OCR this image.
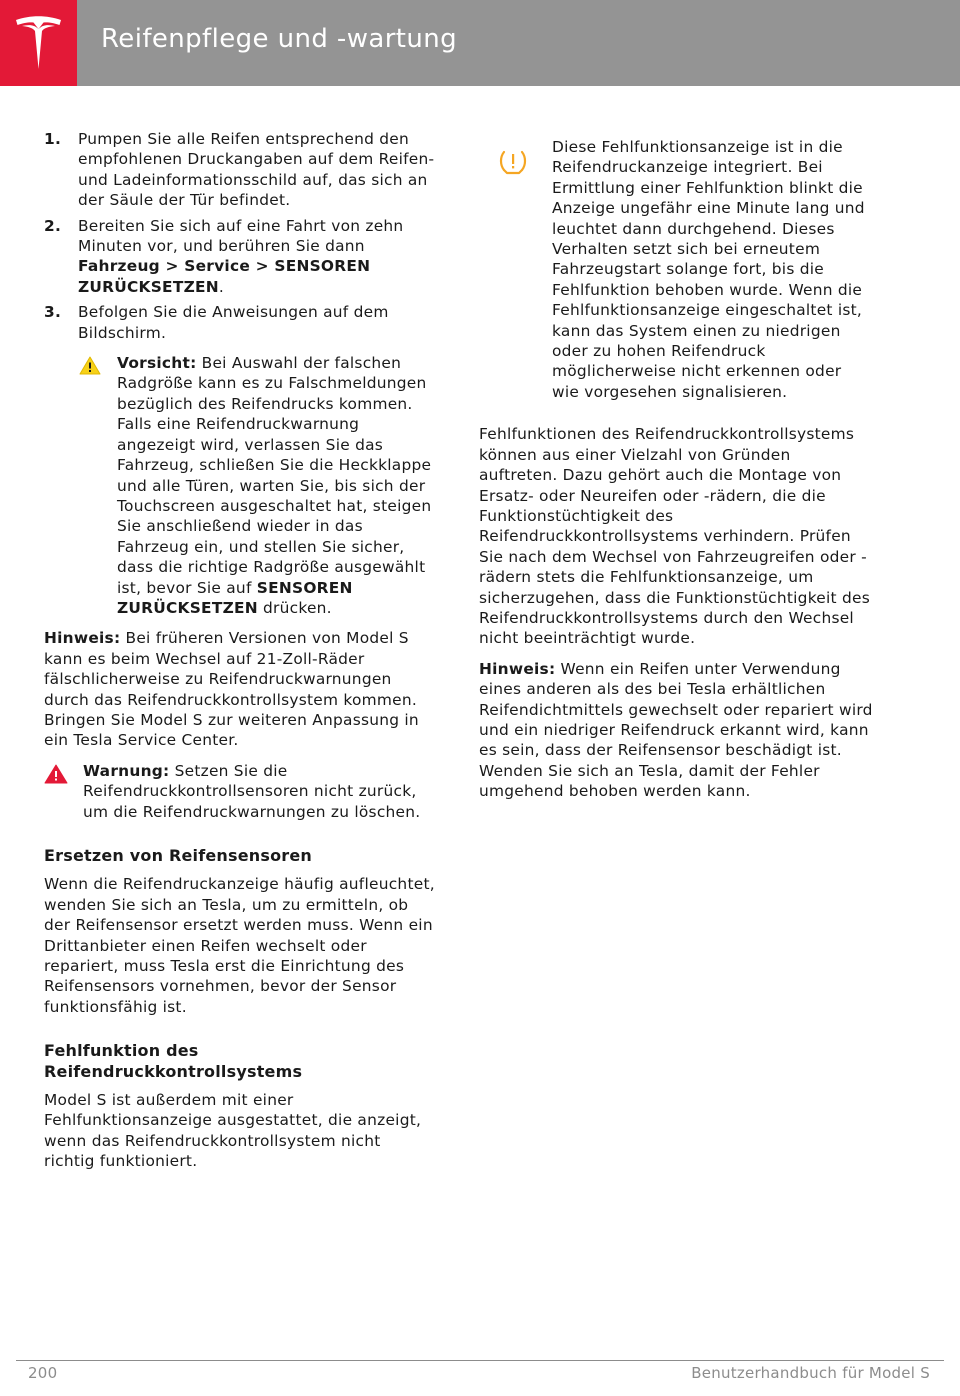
Reifenpflege und -wartung
1. Pumpen Sie alle Reifen entsprechend den empfohlenen Druckangaben auf dem Reifen- und Ladeinformationsschild auf, das sich an der Säule der Tür befindet.
2. Bereiten Sie sich auf eine Fahrt von zehn Minuten vor, und berühren Sie dann Fahrzeug > Service > SENSOREN ZURÜCKSETZEN.
3. Befolgen Sie die Anweisungen auf dem Bildschirm.

Vorsicht: Bei Auswahl der falschen Radgröße kann es zu Falschmeldungen bezüglich des Reifendrucks kommen. Falls eine Reifendruckwarnung angezeigt wird, verlassen Sie das Fahrzeug, schließen Sie die Heckklappe und alle Türen, warten Sie, bis sich der Touchscreen ausgeschaltet hat, steigen Sie anschließend wieder in das Fahrzeug ein, und stellen Sie sicher, dass die richtige Radgröße ausgewählt ist, bevor Sie auf SENSOREN ZURÜCKSETZEN drücken.

Hinweis: Bei früheren Versionen von Model S kann es beim Wechsel auf 21-Zoll-Räder fälschlicherweise zu Reifendruckwarnungen durch das Reifendruckkontrollsystem kommen. Bringen Sie Model S zur weiteren Anpassung in ein Tesla Service Center.

Warnung: Setzen Sie die Reifendruckkontrollsensoren nicht zurück, um die Reifendruckwarnungen zu löschen.

Ersetzen von Reifensensoren

Wenn die Reifendruckanzeige häufig aufleuchtet, wenden Sie sich an Tesla, um zu ermitteln, ob der Reifensensor ersetzt werden muss. Wenn ein Drittanbieter einen Reifen wechselt oder repariert, muss Tesla erst die Einrichtung des Reifensensors vornehmen, bevor der Sensor funktionsfähig ist.

Fehlfunktion des Reifendruckkontrollsystems

Model S ist außerdem mit einer Fehlfunktionsanzeige ausgestattet, die anzeigt, wenn das Reifendruckkontrollsystem nicht richtig funktioniert.

Diese Fehlfunktionsanzeige ist in die Reifendruckanzeige integriert. Bei Ermittlung einer Fehlfunktion blinkt die Anzeige ungefähr eine Minute lang und leuchtet dann durchgehend. Dieses Verhalten setzt sich bei erneutem Fahrzeugstart solange fort, bis die Fehlfunktion behoben wurde. Wenn die Fehlfunktionsanzeige eingeschaltet ist, kann das System einen zu niedrigen oder zu hohen Reifendruck möglicherweise nicht erkennen oder wie vorgesehen signalisieren.

Fehlfunktionen des Reifendruckkontrollsystems können aus einer Vielzahl von Gründen auftreten. Dazu gehört auch die Montage von Ersatz- oder Neureifen oder -rädern, die die Funktionstüchtigkeit des Reifendruckkontrollsystems verhindern. Prüfen Sie nach dem Wechsel von Fahrzeugreifen oder -rädern stets die Fehlfunktionsanzeige, um sicherzugehen, dass die Funktionstüchtigkeit des Reifendruckkontrollsystems durch den Wechsel nicht beeinträchtigt wurde.

Hinweis: Wenn ein Reifen unter Verwendung eines anderen als des bei Tesla erhältlichen Reifendichtmittels gewechselt oder repariert wird und ein niedriger Reifendruck erkannt wird, kann es sein, dass der Reifensensor beschädigt ist. Wenden Sie sich an Tesla, damit der Fehler umgehend behoben werden kann.

200	Benutzerhandbuch für Model S
